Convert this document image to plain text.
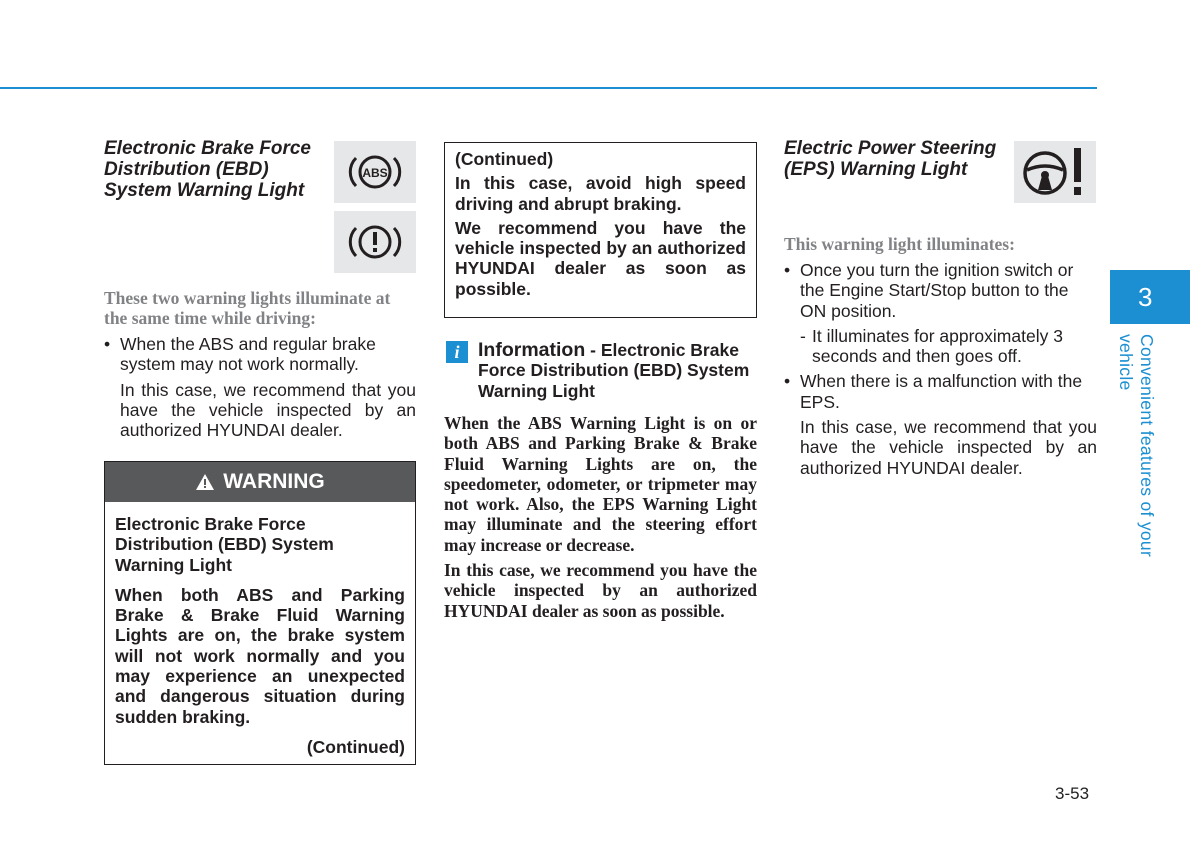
Electronic Brake Force
Distribution (EBD)
System Warning Light

ABS

These two warning lights illuminate at the same time while driving:

• When the ABS and regular brake system may not work normally.

In this case, we recommend that you have the vehicle inspected by an authorized HYUNDAI dealer.

WARNING

Electronic Brake Force Distribution (EBD) System Warning Light

When both ABS and Parking Brake & Brake Fluid Warning Lights are on, the brake system will not work normally and you may experience an unexpected and dangerous situation during sudden braking.

(Continued)

(Continued)

In this case, avoid high speed driving and abrupt braking.

We recommend you have the vehicle inspected by an authorized HYUNDAI dealer as soon as possible.

i Information - Electronic Brake Force Distribution (EBD) System Warning Light

When the ABS Warning Light is on or both ABS and Parking Brake & Brake Fluid Warning Lights are on, the speedometer, odometer, or tripmeter may not work. Also, the EPS Warning Light may illuminate and the steering effort may increase or decrease.

In this case, we recommend you have the vehicle inspected by an authorized HYUNDAI dealer as soon as possible.

Electric Power Steering
(EPS) Warning Light

This warning light illuminates:

• Once you turn the ignition switch or the Engine Start/Stop button to the ON position.

- It illuminates for approximately 3 seconds and then goes off.

• When there is a malfunction with the EPS.

In this case, we recommend that you have the vehicle inspected by an authorized HYUNDAI dealer.

3
Convenient features of your vehicle
3-53
